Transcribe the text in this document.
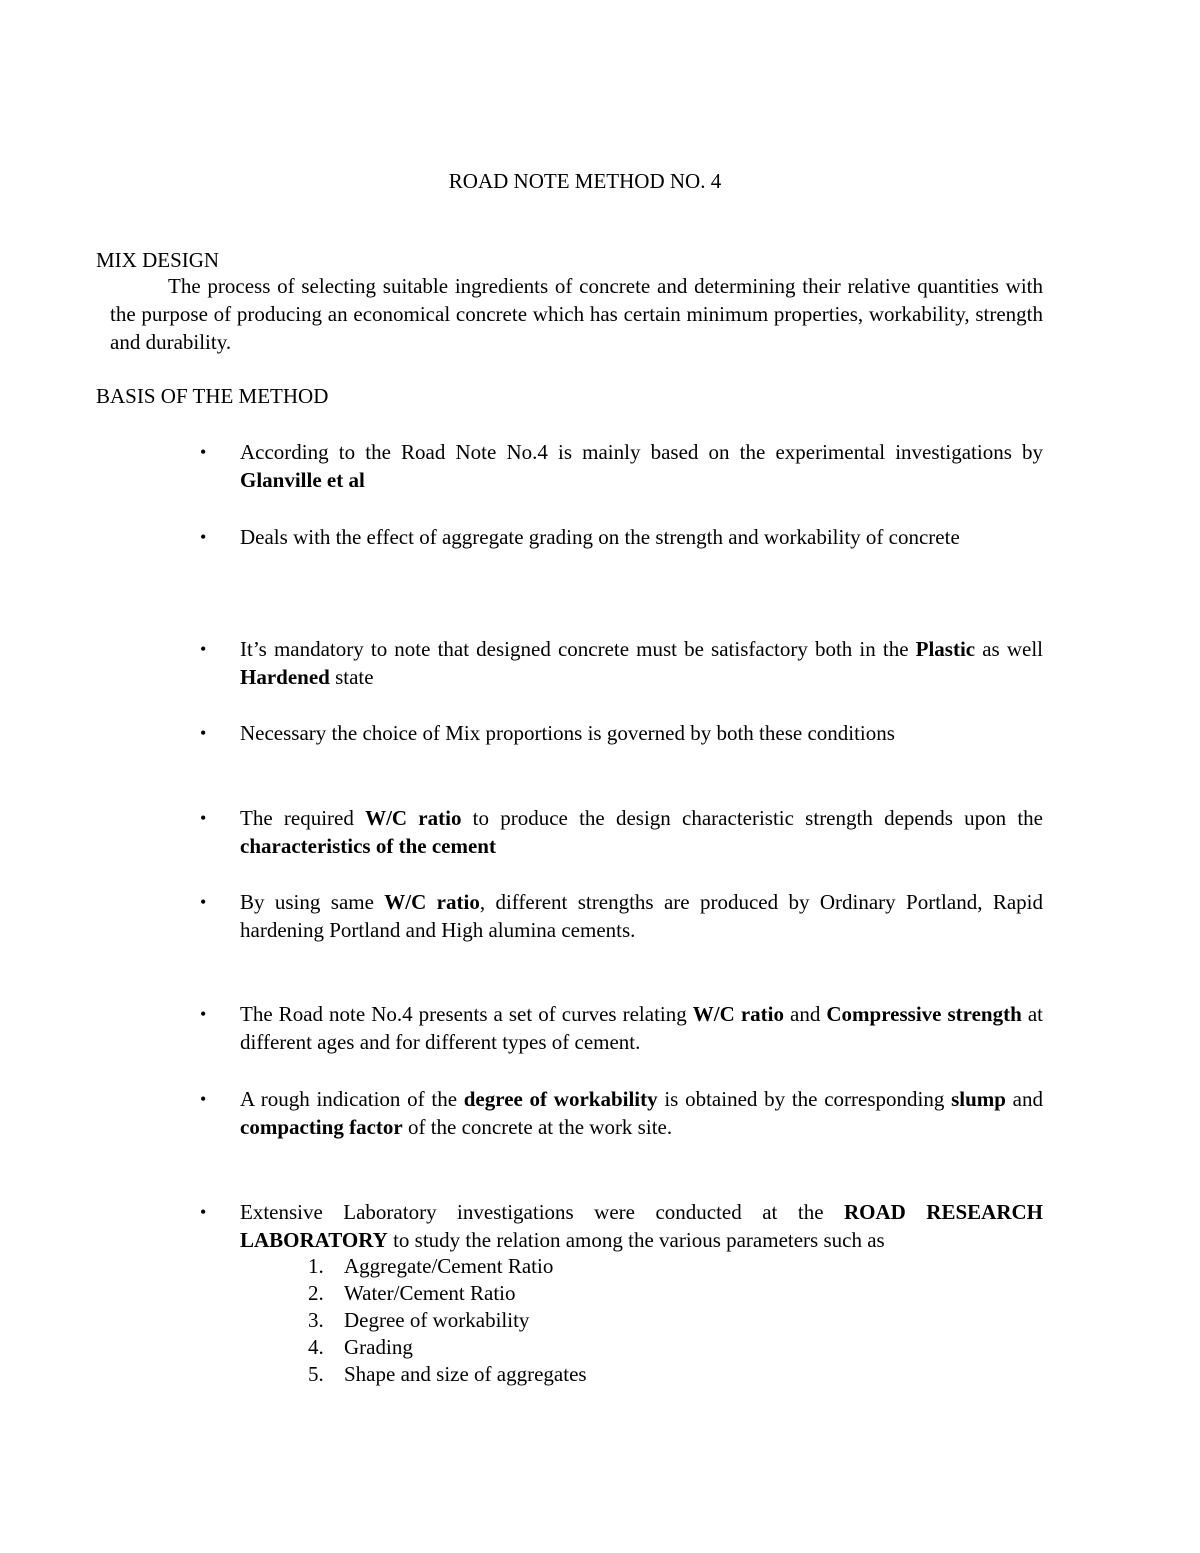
ROAD NOTE METHOD NO. 4
MIX DESIGN
The process of selecting suitable ingredients of concrete and determining their relative quantities with the purpose of producing an economical concrete which has certain minimum properties, workability, strength and durability.
BASIS OF THE METHOD
•	According to the Road Note No.4 is mainly based on the experimental investigations by Glanville et al
•	Deals with the effect of aggregate grading on the strength and workability of concrete
•	It’s mandatory to note that designed concrete must be satisfactory both in the Plastic as well Hardened state
•	Necessary the choice of Mix proportions is governed by both these conditions
•	The required W/C ratio to produce the design characteristic strength depends upon the characteristics of the cement
•	By using same W/C ratio, different strengths are produced by Ordinary Portland, Rapid hardening Portland and High alumina cements.
•	The Road note No.4 presents a set of curves relating W/C ratio and Compressive strength at different ages and for different types of cement.
•	A rough indication of the degree of workability is obtained by the corresponding slump and compacting factor of the concrete at the work site.
•	Extensive Laboratory investigations were conducted at the ROAD RESEARCH LABORATORY to study the relation among the various parameters such as
1. Aggregate/Cement Ratio
2. Water/Cement Ratio
3. Degree of workability
4. Grading
5. Shape and size of aggregates
